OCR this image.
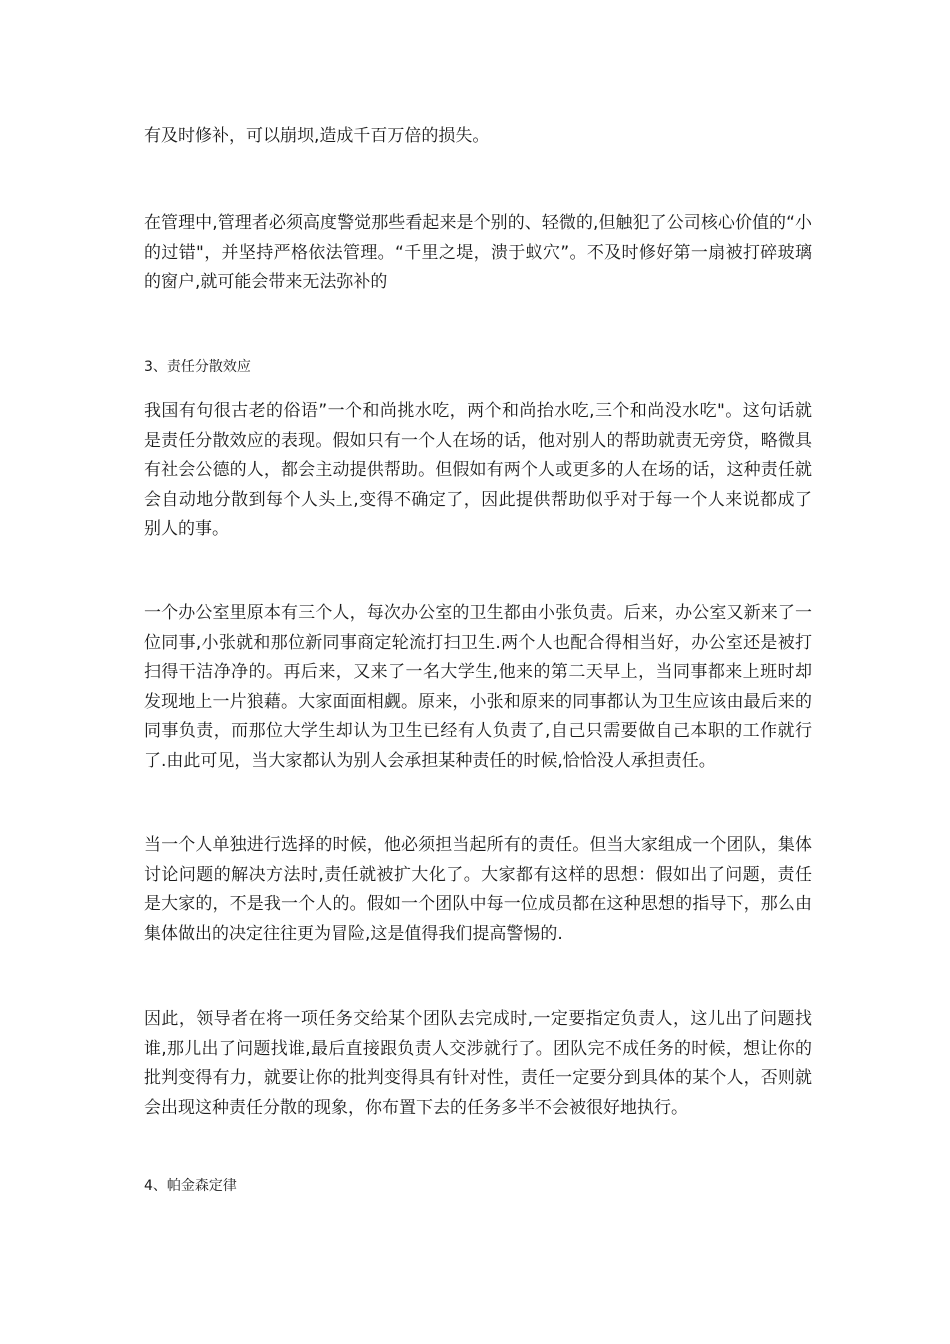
有及时修补，可以崩坝,造成千百万倍的损失。

在管理中,管理者必须高度警觉那些看起来是个别的、轻微的,但触犯了公司核心价值的“小的过错"，并坚持严格依法管理。“千里之堤，溃于蚁穴”。不及时修好第一扇被打碎玻璃的窗户,就可能会带来无法弥补的

3、责任分散效应

我国有句很古老的俗语”一个和尚挑水吃，两个和尚抬水吃,三个和尚没水吃"。这句话就是责任分散效应的表现。假如只有一个人在场的话，他对别人的帮助就责无旁贷，略微具有社会公德的人，都会主动提供帮助。但假如有两个人或更多的人在场的话，这种责任就会自动地分散到每个人头上,变得不确定了，因此提供帮助似乎对于每一个人来说都成了别人的事。

一个办公室里原本有三个人，每次办公室的卫生都由小张负责。后来，办公室又新来了一位同事,小张就和那位新同事商定轮流打扫卫生.两个人也配合得相当好，办公室还是被打扫得干洁净净的。再后来，又来了一名大学生,他来的第二天早上，当同事都来上班时却发现地上一片狼藉。大家面面相觑。原来，小张和原来的同事都认为卫生应该由最后来的同事负责，而那位大学生却认为卫生已经有人负责了,自己只需要做自己本职的工作就行了.由此可见，当大家都认为别人会承担某种责任的时候,恰恰没人承担责任。

当一个人单独进行选择的时候，他必须担当起所有的责任。但当大家组成一个团队，集体讨论问题的解决方法时,责任就被扩大化了。大家都有这样的思想：假如出了问题，责任是大家的，不是我一个人的。假如一个团队中每一位成员都在这种思想的指导下，那么由集体做出的决定往往更为冒险,这是值得我们提高警惕的.

因此，领导者在将一项任务交给某个团队去完成时,一定要指定负责人，这儿出了问题找谁,那儿出了问题找谁,最后直接跟负责人交涉就行了。团队完不成任务的时候，想让你的批判变得有力，就要让你的批判变得具有针对性，责任一定要分到具体的某个人，否则就会出现这种责任分散的现象，你布置下去的任务多半不会被很好地执行。

4、帕金森定律
